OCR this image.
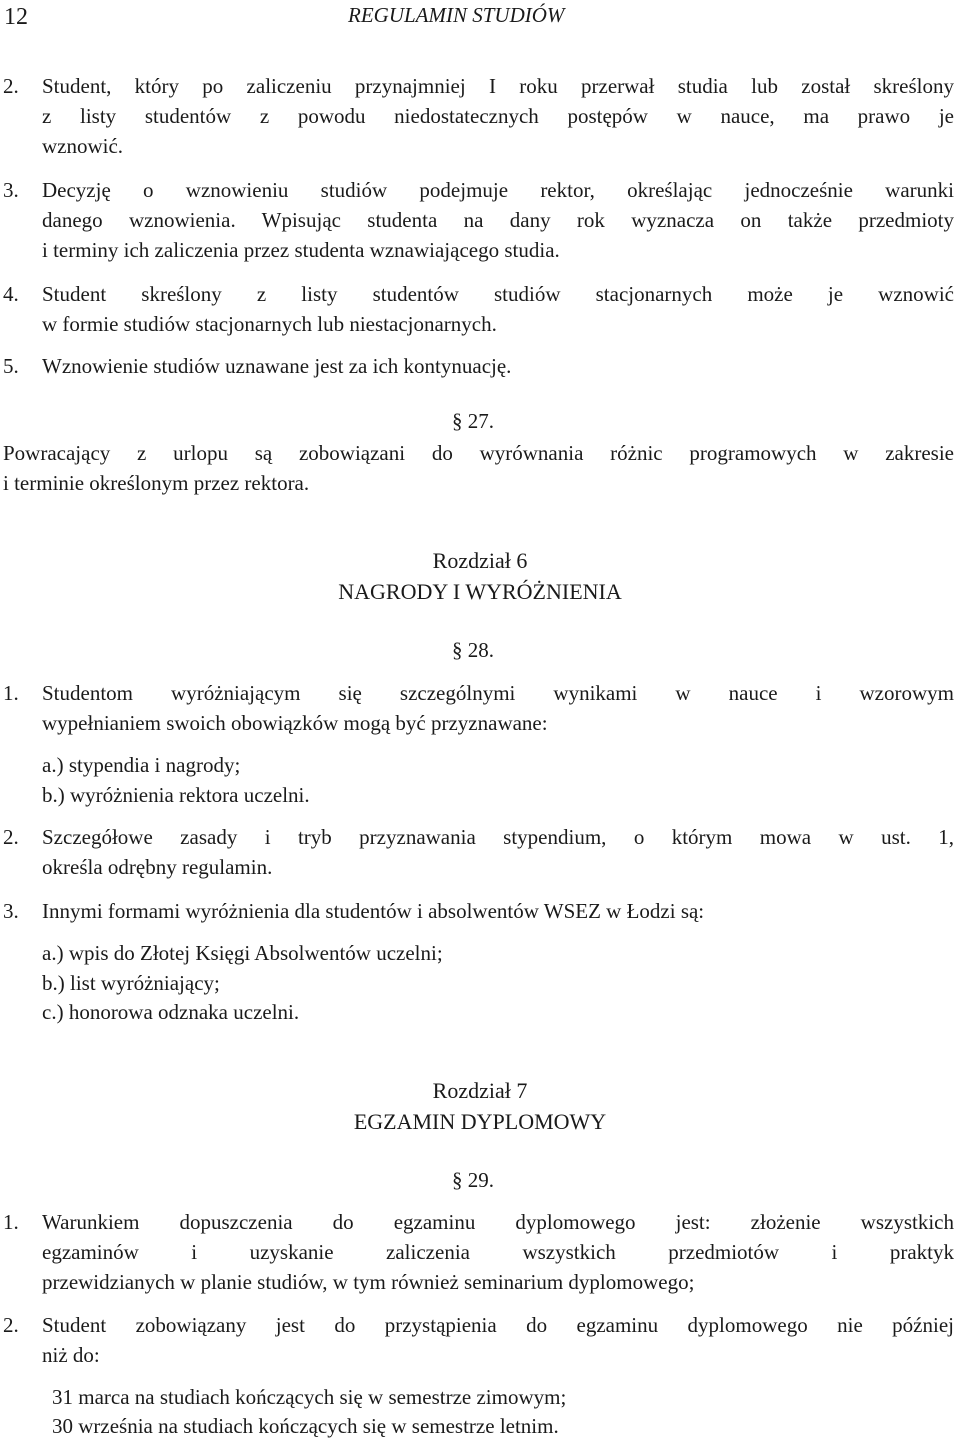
12	REGULAMIN STUDIÓW
2. Student, który po zaliczeniu przynajmniej I roku przerwał studia lub został skreślony
z listy studentów z powodu niedostatecznych postępów w nauce, ma prawo je
wznowić.
3. Decyzję o wznowieniu studiów podejmuje rektor, określając jednocześnie warunki
danego wznowienia. Wpisując studenta na dany rok wyznacza on także przedmioty
i terminy ich zaliczenia przez studenta wznawiającego studia.
4. Student skreślony z listy studentów studiów stacjonarnych może je wznowić
w formie studiów stacjonarnych lub niestacjonarnych.
5. Wznowienie studiów uznawane jest za ich kontynuację.
§ 27.
Powracający z urlopu są zobowiązani do wyrównania różnic programowych w zakresie
i terminie określonym przez rektora.
Rozdział 6
NAGRODY I WYRÓŻNIENIA
§ 28.
1. Studentom wyróżniającym się szczególnymi wynikami w nauce i wzorowym
wypełnianiem swoich obowiązków mogą być przyznawane:
a.) stypendia i nagrody;
b.) wyróżnienia rektora uczelni.
2. Szczegółowe zasady i tryb przyznawania stypendium, o którym mowa w ust. 1,
określa odrębny regulamin.
3. Innymi formami wyróżnienia dla studentów i absolwentów WSEZ w Łodzi są:
a.) wpis do Złotej Księgi Absolwentów uczelni;
b.) list wyróżniający;
c.) honorowa odznaka uczelni.
Rozdział 7
EGZAMIN DYPLOMOWY
§ 29.
1. Warunkiem dopuszczenia do egzaminu dyplomowego jest: złożenie wszystkich
egzaminów i uzyskanie zaliczenia wszystkich przedmiotów i praktyk
przewidzianych w planie studiów, w tym również seminarium dyplomowego;
2. Student zobowiązany jest do przystąpienia do egzaminu dyplomowego nie później
niż do:
31 marca na studiach kończących się w semestrze zimowym;
30 września na studiach kończących się w semestrze letnim.
